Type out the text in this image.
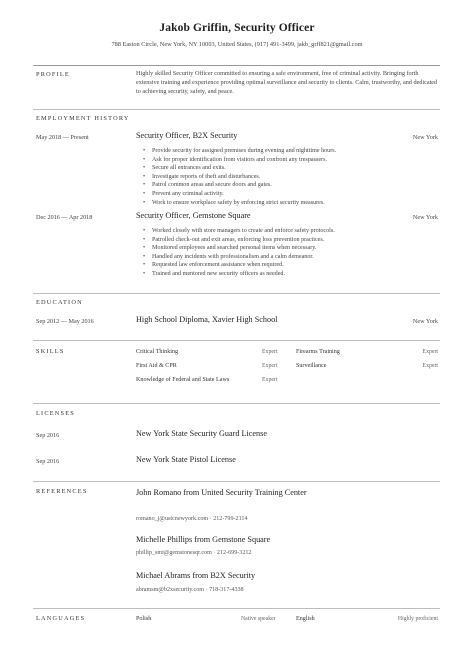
Jakob Griffin, Security Officer
788 Easton Circle, New York, NY 10003, United States, (917) 491-3499, jakb_grff821@gmail.com
PROFILE	Highly skilled Security Officer committed to ensuring a safe environment, free of criminal activity. Bringing forth extensive training and experience providing optimal surveillance and security to clients. Calm, trustworthy, and dedicated to achieving security, safety, and peace.
EMPLOYMENT HISTORY
May 2018 — Present	Security Officer, B2X Security	New York
• Provide security for assigned premises during evening and nighttime hours.
• Ask for proper identification from visitors and confront any trespassers.
• Secure all entrances and exits.
• Investigate reports of theft and disturbances.
• Patrol common areas and secure doors and gates.
• Prevent any criminal activity.
• Work to ensure workplace safety by enforcing strict security measures.
Dec 2016 — Apr 2018	Security Officer, Gemstone Square	New York
• Worked closely with store managers to create and enforce safety protocols.
• Patrolled check-out and exit areas, enforcing loss prevention practices.
• Monitored employees and searched personal items when necessary.
• Handled any incidents with professionalism and a calm demeanor.
• Requested law enforcement assistance when required.
• Trained and mentored new security officers as needed.
EDUCATION
Sep 2012 — May 2016	High School Diploma, Xavier High School	New York
SKILLS	Critical Thinking	Expert	Firearms Training	Expert
First Aid & CPR	Expert	Surveillance	Expert
Knowledge of Federal and State Laws	Expert
LICENSES
Sep 2016	New York State Security Guard License
Sep 2016	New York State Pistol License
REFERENCES	John Romano from United Security Training Center
romano_j@ustcnewyork.com · 212-799-2114
Michelle Phillips from Gemstone Square
phillip_smi@gemstonesqr.com · 212-699-3212
Michael Abrams from B2X Security
abramsm@b2xsecurity.com · 718-317-4338
LANGUAGES	Polish	Native speaker	English	Highly proficient
